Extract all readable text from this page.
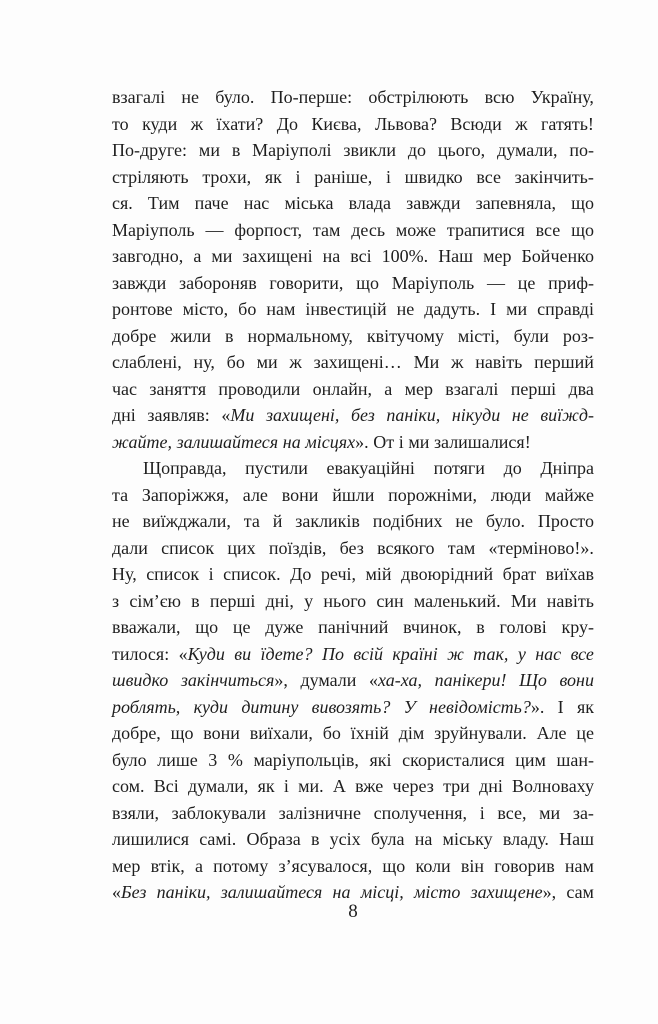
взагалі не було. По-перше: обстрілюють всю Україну,
то куди ж їхати? До Києва, Львова? Всюди ж гатять!
По-друге: ми в Маріуполі звикли до цього, думали, по-
стріляють трохи, як і раніше, і швидко все закінчить-
ся. Тим паче нас міська влада завжди запевняла, що
Маріуполь — форпост, там десь може трапитися все що
завгодно, а ми захищені на всі 100%. Наш мер Бойченко
завжди забороняв говорити, що Маріуполь — це приф-
ронтове місто, бо нам інвестицій не дадуть. І ми справді
добре жили в нормальному, квітучому місті, були роз-
слаблені, ну, бо ми ж захищені… Ми ж навіть перший
час заняття проводили онлайн, а мер взагалі перші два
дні заявляв: «Ми захищені, без паніки, нікуди не виїжд-
жайте, залишайтеся на місцях». От і ми залишалися!
Щоправда, пустили евакуаційні потяги до Дніпра
та Запоріжжя, але вони йшли порожніми, люди майже
не виїжджали, та й закликів подібних не було. Просто
дали список цих поїздів, без всякого там «терміново!».
Ну, список і список. До речі, мій двоюрідний брат виїхав
з сім’єю в перші дні, у нього син маленький. Ми навіть
вважали, що це дуже панічний вчинок, в голові кру-
тилося: «Куди ви їдете? По всій країні ж так, у нас все
швидко закінчиться», думали «ха-ха, панікери! Що вони
роблять, куди дитину вивозять? У невідомість?». І як
добре, що вони виїхали, бо їхній дім зруйнували. Але це
було лише 3 % маріупольців, які скористалися цим шан-
сом. Всі думали, як і ми. А вже через три дні Волноваху
взяли, заблокували залізничне сполучення, і все, ми за-
лишилися самі. Образа в усіх була на міську владу. Наш
мер втік, а потому з’ясувалося, що коли він говорив нам
«Без паніки, залишайтеся на місці, місто захищене», сам
8
